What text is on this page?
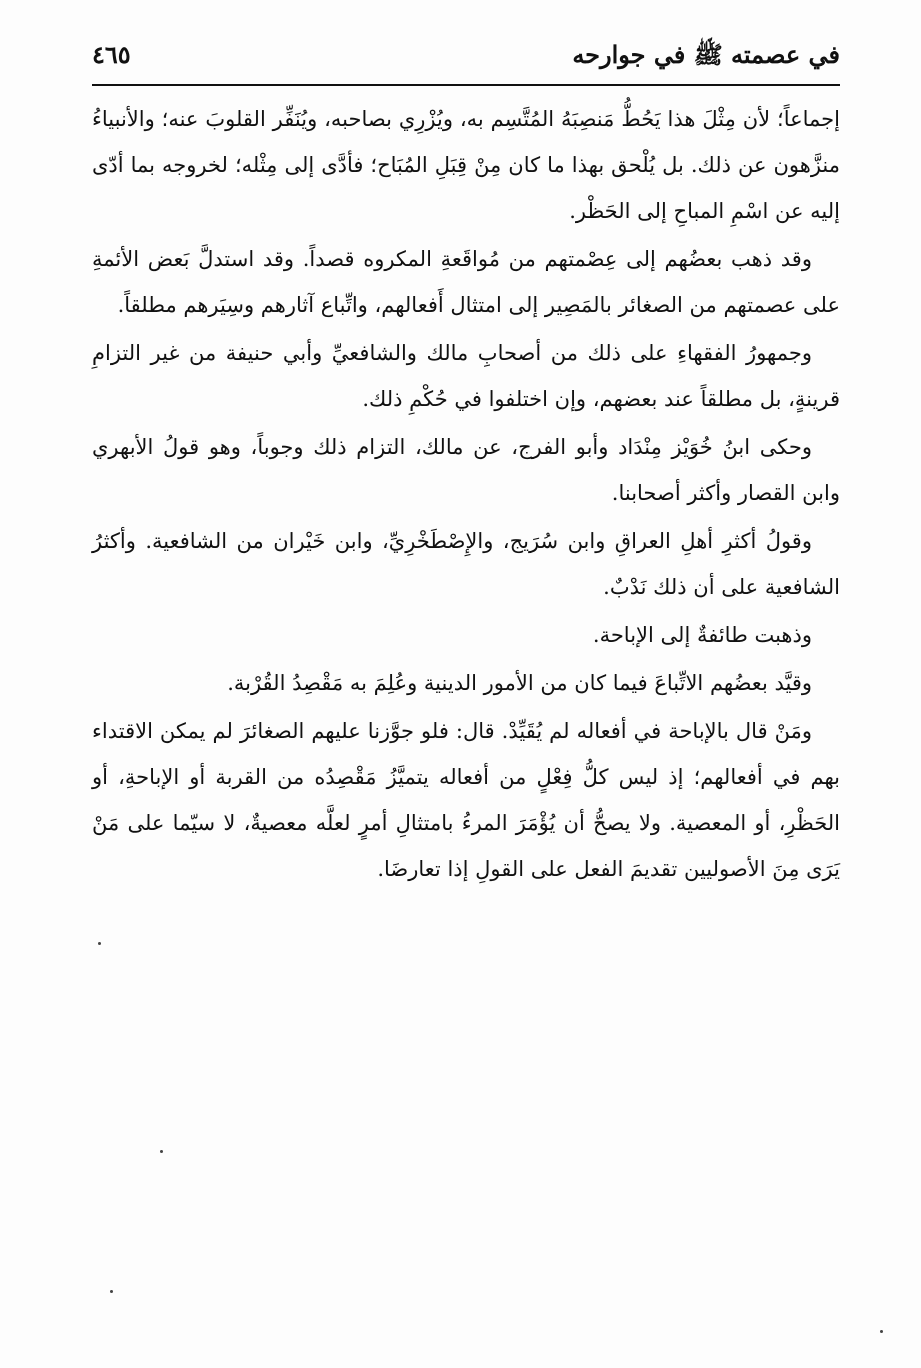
في عصمته ﷺ في جوارحه
٤٦٥

إجماعاً؛ لأن مِثْلَ هذا يَحُطُّ مَنصِبَهُ المُتَّسِم به، ويُزْرِي بصاحبه، ويُنَفِّر القلوبَ عنه؛ والأنبياءُ منزَّهون عن ذلك. بل يُلْحق بهذا ما كان مِنْ قِبَلِ المُبَاح؛ فأدَّى إلى مِثْله؛ لخروجه بما أدّى إليه عن اسْمِ المباحِ إلى الحَظْر.

وقد ذهب بعضُهم إلى عِصْمتهم من مُواقَعةِ المكروه قصداً. وقد استدلَّ بَعض الأئمةِ على عصمتهم من الصغائر بالمَصِير إلى امتثال أَفعالهم، واتِّباع آثارهم وسِيَرهم مطلقاً.

وجمهورُ الفقهاءِ على ذلك من أصحابِ مالك والشافعيِّ وأبي حنيفة من غير التزامِ قرينةٍ، بل مطلقاً عند بعضهم، وإن اختلفوا في حُكْمِ ذلك.

وحكى ابنُ خُوَيْز مِنْدَاد وأبو الفرج، عن مالك، التزام ذلك وجوباً، وهو قولُ الأبهري وابن القصار وأكثر أصحابنا.

وقولُ أكثرِ أهلِ العراقِ وابن سُرَيج، والإِصْطَخْرِيِّ، وابن خَيْران من الشافعية. وأكثرُ الشافعية على أن ذلك نَدْبٌ.

وذهبت طائفةٌ إلى الإباحة.

وقيَّد بعضُهم الاتِّباعَ فيما كان من الأمور الدينية وعُلِمَ به مَقْصِدُ القُرْبة.

ومَنْ قال بالإباحة في أفعاله لم يُقَيِّدْ. قال: فلو جوَّزنا عليهم الصغائرَ لم يمكن الاقتداء بهم في أفعالهم؛ إذ ليس كلُّ فِعْلٍ من أفعاله يتميَّزُ مَقْصِدُه من القربة أو الإباحةِ، أو الحَظْرِ، أو المعصية. ولا يصحُّ أن يُؤْمَرَ المرءُ بامتثالِ أمرٍ لعلَّه معصيةٌ، لا سيّما على مَنْ يَرَى مِنَ الأصوليين تقديمَ الفعل على القولِ إذا تعارضَا.
